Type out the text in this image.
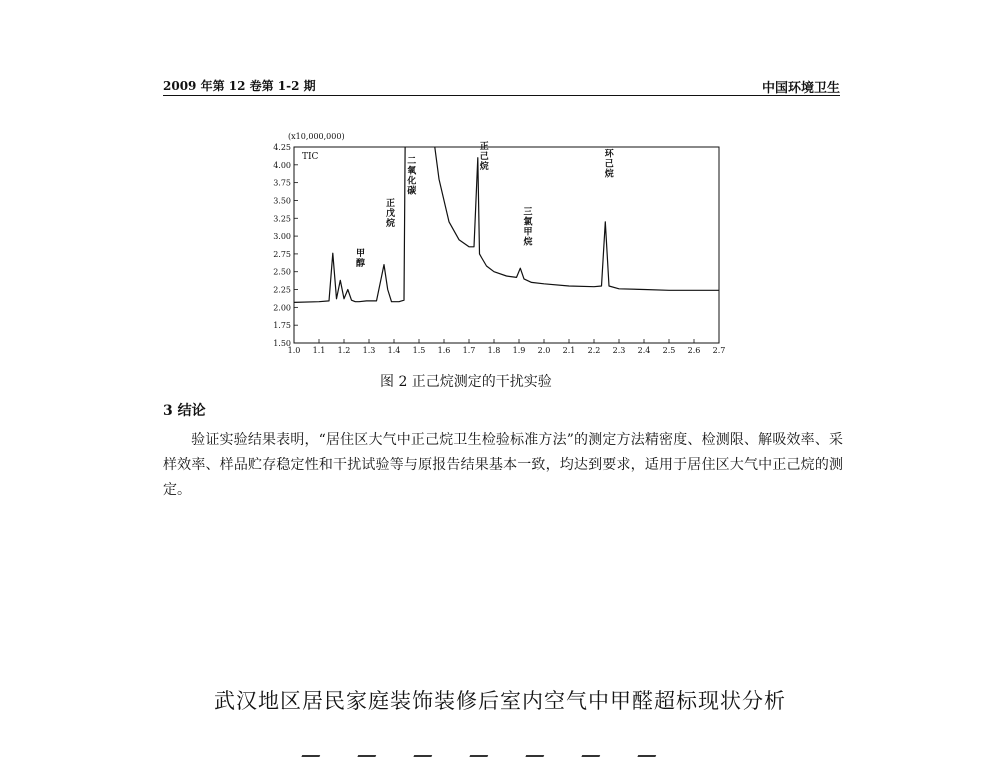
2009 年第 12 卷第 1-2 期	中国环境卫生
(x10,000,000)
1.50
1.75
2.00
2.25
2.50
2.75
3.00
3.25
3.50
3.75
4.00
4.25
1.0 1.1 1.2 1.3 1.4 1.5 1.6 1.7 1.8 1.9 2.0 2.1 2.2 2.3 2.4 2.5 2.6 2.7
TIC
甲
醇
正
戊
烷
二
氧
化
碳
正
己
烷
三
氯
甲
烷
环
己
烷
图 2 正己烷测定的干扰实验
3 结论
验证实验结果表明，“居住区大气中正己烷卫生检验标准方法”的测定方法精密度、检测限、解吸效率、采样效率、样品贮存稳定性和干扰试验等与原报告结果基本一致，均达到要求，适用于居住区大气中正己烷的测定。
武汉地区居民家庭装饰装修后室内空气中甲醛超标现状分析
